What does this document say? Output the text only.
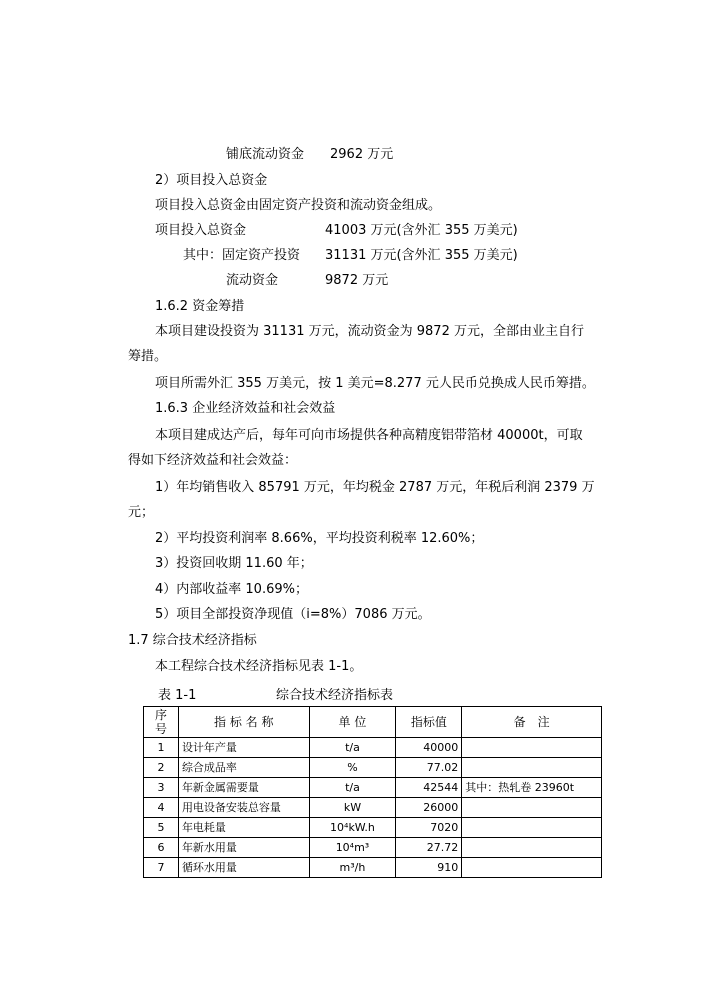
铺底流动资金 2962 万元
2）项目投入总资金
项目投入总资金由固定资产投资和流动资金组成。
项目投入总资金	41003 万元(含外汇 355 万美元)
其中：固定资产投资 31131 万元(含外汇 355 万美元)
流动资金	9872 万元
1.6.2 资金筹措
本项目建设投资为 31131 万元，流动资金为 9872 万元，全部由业主自行
筹措。
项目所需外汇 355 万美元，按 1 美元=8.277 元人民币兑换成人民币筹措。
1.6.3 企业经济效益和社会效益
本项目建成达产后，每年可向市场提供各种高精度铝带箔材 40000t，可取
得如下经济效益和社会效益：
1）年均销售收入 85791 万元，年均税金 2787 万元，年税后利润 2379 万
元；
2）平均投资利润率 8.66%，平均投资利税率 12.60%；
3）投资回收期 11.60 年；
4）内部收益率 10.69%；
5）项目全部投资净现值（i=8%）7086 万元。
1.7 综合技术经济指标
本工程综合技术经济指标见表 1-1。
表 1-1	综合技术经济指标表
序
号	指 标 名 称	单 位	指标值	备　注
1	设计年产量	t/a	40000	
2	综合成品率	%	77.02	
3	年新金属需要量	t/a	42544	其中：热轧卷 23960t
4	用电设备安装总容量	kW	26000	
5	年电耗量	10⁴kW.h	7020	
6	年新水用量	10⁴m³	27.72	
7	循环水用量	m³/h	910	
